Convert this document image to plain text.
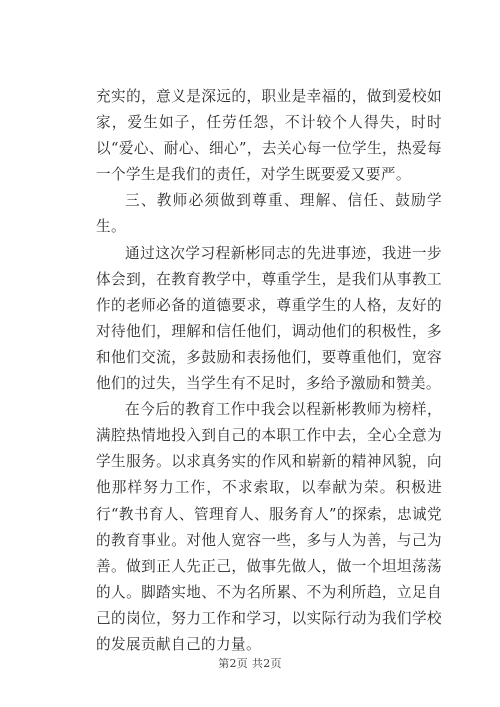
充实的，意义是深远的，职业是幸福的，做到爱校如家，爱生如子，任劳任怨，不计较个人得失，时时以“爱心、耐心、细心”，去关心每一位学生，热爱每一个学生是我们的责任，对学生既要爱又要严。

三、教师必须做到尊重、理解、信任、鼓励学生。

通过这次学习程新彬同志的先进事迹，我进一步体会到，在教育教学中，尊重学生，是我们从事教工作的老师必备的道德要求，尊重学生的人格，友好的对待他们，理解和信任他们，调动他们的积极性，多和他们交流，多鼓励和表扬他们，要尊重他们，宽容他们的过失，当学生有不足时，多给予激励和赞美。

在今后的教育工作中我会以程新彬教师为榜样，满腔热情地投入到自己的本职工作中去，全心全意为学生服务。以求真务实的作风和崭新的精神风貌，向他那样努力工作，不求索取，以奉献为荣。积极进行“教书育人、管理育人、服务育人”的探索，忠诚党的教育事业。对他人宽容一些，多与人为善，与己为善。做到正人先正己，做事先做人，做一个坦坦荡荡的人。脚踏实地、不为名所累、不为利所趋，立足自己的岗位，努力工作和学习，以实际行动为我们学校的发展贡献自己的力量。

第2页 共2页
